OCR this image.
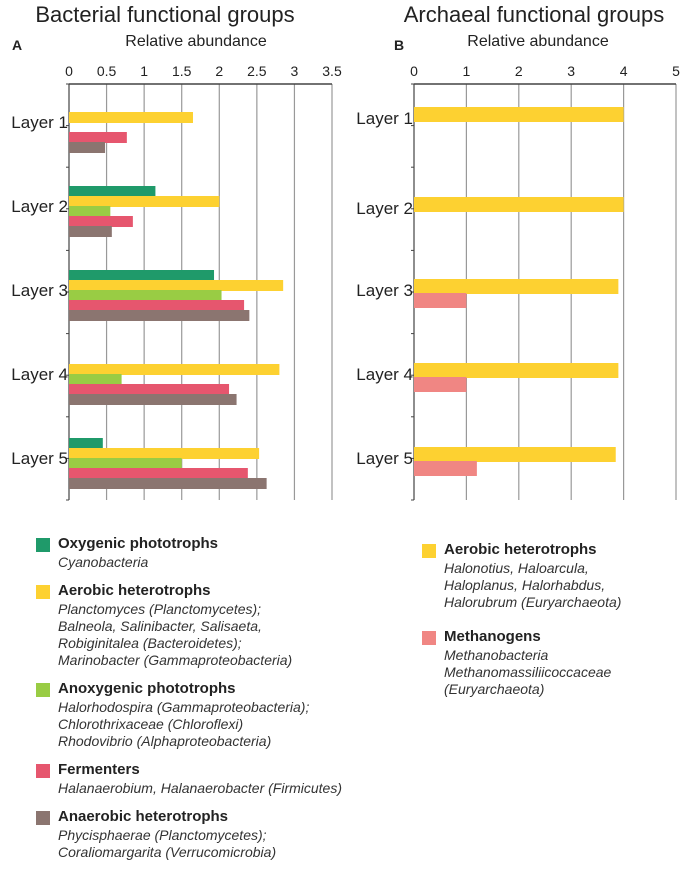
Bacterial functional groups
A	Relative abundance
0 0.5 1 1.5 2 2.5 3 3.5
Layer 1
Layer 2
Layer 3
Layer 4
Layer 5
Archaeal functional groups
B	Relative abundance
0	1	2	3	4	5
Layer 1
Layer 2
Layer 3
Layer 4
Layer 5
Oxygenic phototrophs
Cyanobacteria
Aerobic heterotrophs
Planctomyces (Planctomycetes);
Balneola, Salinibacter, Salisaeta,
Robiginitalea (Bacteroidetes);
Marinobacter (Gammaproteobacteria)
Anoxygenic phototrophs
Halorhodospira (Gammaproteobacteria);
Chlorothrixaceae (Chloroflexi)
Rhodovibrio (Alphaproteobacteria)
Fermenters
Halanaerobium, Halanaerobacter (Firmicutes)
Anaerobic heterotrophs
Phycisphaerae (Planctomycetes);
Coraliomargarita (Verrucomicrobia)
Aerobic heterotrophs
Halonotius, Haloarcula,
Haloplanus, Halorhabdus,
Halorubrum (Euryarchaeota)
Methanogens
Methanobacteria
Methanomassiliicoccaceae
(Euryarchaeota)
